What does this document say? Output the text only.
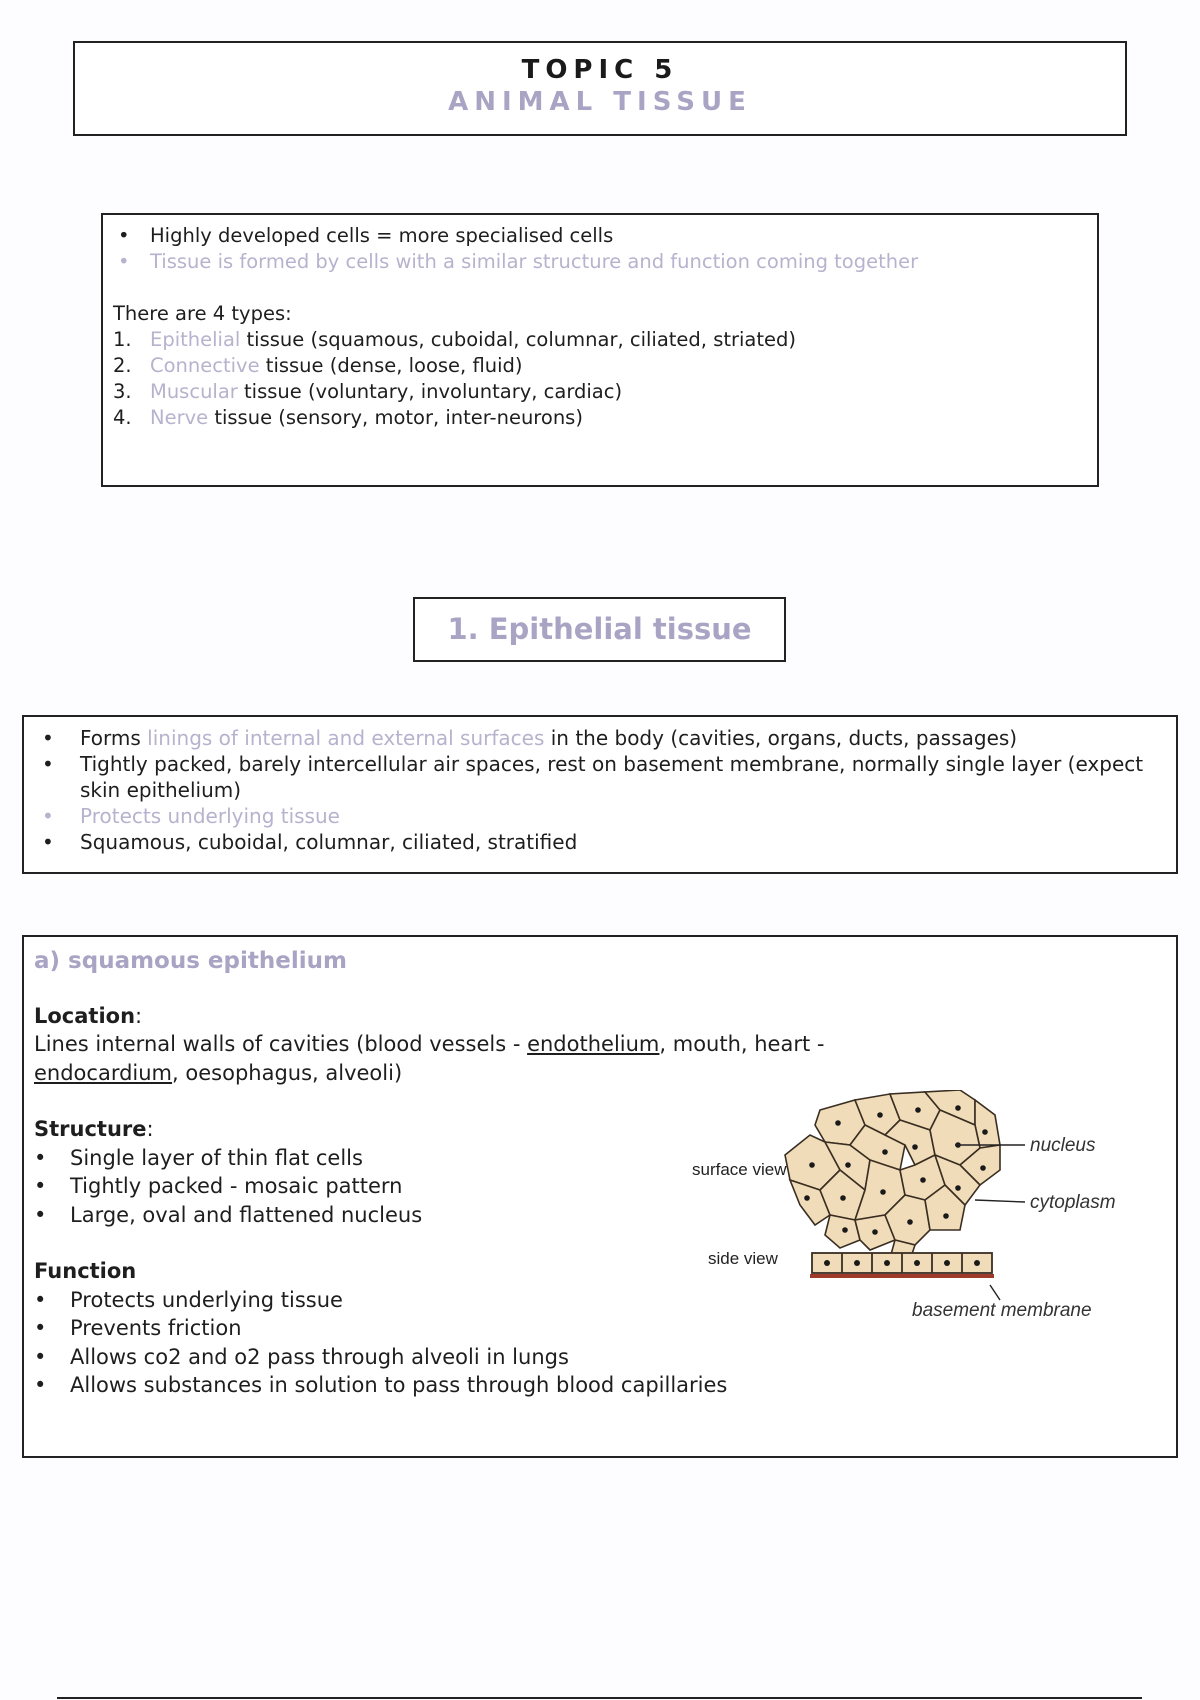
TOPIC 5
ANIMAL TISSUE
• Highly developed cells = more specialised cells
• Tissue is formed by cells with a similar structure and function coming together
There are 4 types:
1. Epithelial tissue (squamous, cuboidal, columnar, ciliated, striated)
2. Connective tissue (dense, loose, fluid)
3. Muscular tissue (voluntary, involuntary, cardiac)
4. Nerve tissue (sensory, motor, inter-neurons)
1. Epithelial tissue
• Forms linings of internal and external surfaces in the body (cavities, organs, ducts, passages)
• Tightly packed, barely intercellular air spaces, rest on basement membrane, normally single layer (expect skin epithelium)
• Protects underlying tissue
• Squamous, cuboidal, columnar, ciliated, stratified
a) squamous epithelium
Location:
Lines internal walls of cavities (blood vessels - endothelium, mouth, heart -
endocardium, oesophagus, alveoli)
Structure:
• Single layer of thin flat cells
• Tightly packed - mosaic pattern
• Large, oval and flattened nucleus
Function
• Protects underlying tissue
• Prevents friction
• Allows co2 and o2 pass through alveoli in lungs
• Allows substances in solution to pass through blood capillaries
nucleus
cytoplasm
surface view
side view
basement membrane
